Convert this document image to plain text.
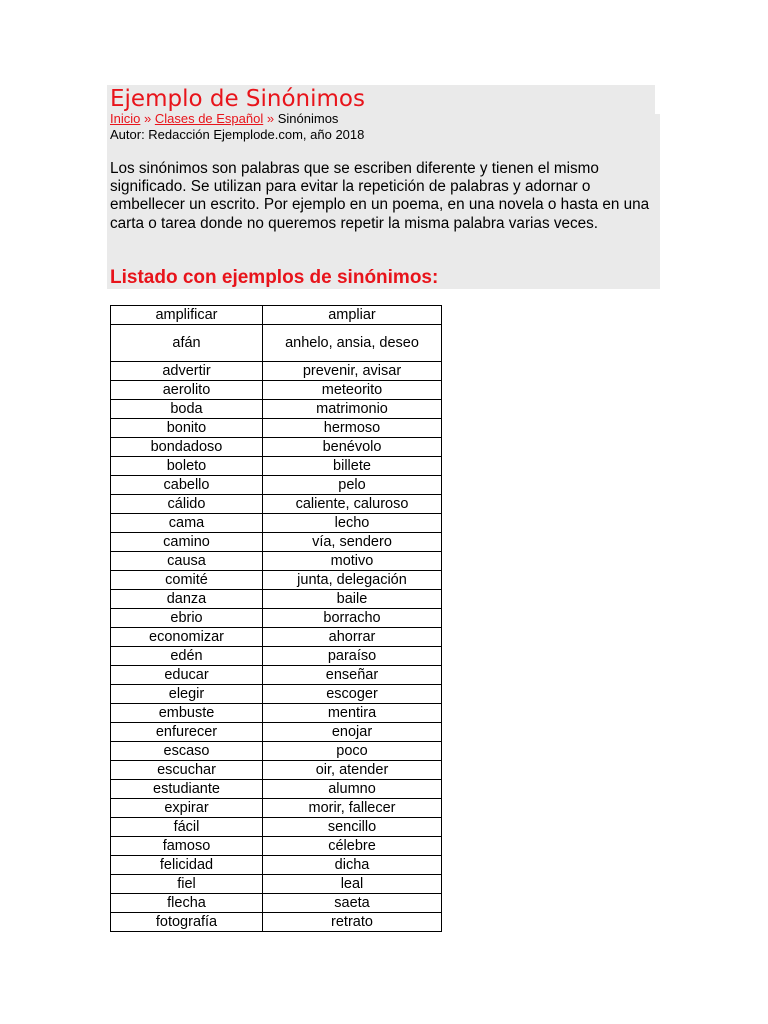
Ejemplo de Sinónimos
Inicio » Clases de Español » Sinónimos
Autor: Redacción Ejemplode.com, año 2018

Los sinónimos son palabras que se escriben diferente y tienen el mismo significado. Se utilizan para evitar la repetición de palabras y adornar o embellecer un escrito. Por ejemplo en un poema, en una novela o hasta en una carta o tarea donde no queremos repetir la misma palabra varias veces.

Listado con ejemplos de sinónimos:
amplificar	ampliar
afán	anhelo, ansia, deseo
advertir	prevenir, avisar
aerolito	meteorito
boda	matrimonio
bonito	hermoso
bondadoso	benévolo
boleto	billete
cabello	pelo
cálido	caliente, caluroso
cama	lecho
camino	vía, sendero
causa	motivo
comité	junta, delegación
danza	baile
ebrio	borracho
economizar	ahorrar
edén	paraíso
educar	enseñar
elegir	escoger
embuste	mentira
enfurecer	enojar
escaso	poco
escuchar	oir, atender
estudiante	alumno
expirar	morir, fallecer
fácil	sencillo
famoso	célebre
felicidad	dicha
fiel	leal
flecha	saeta
fotografía	retrato
